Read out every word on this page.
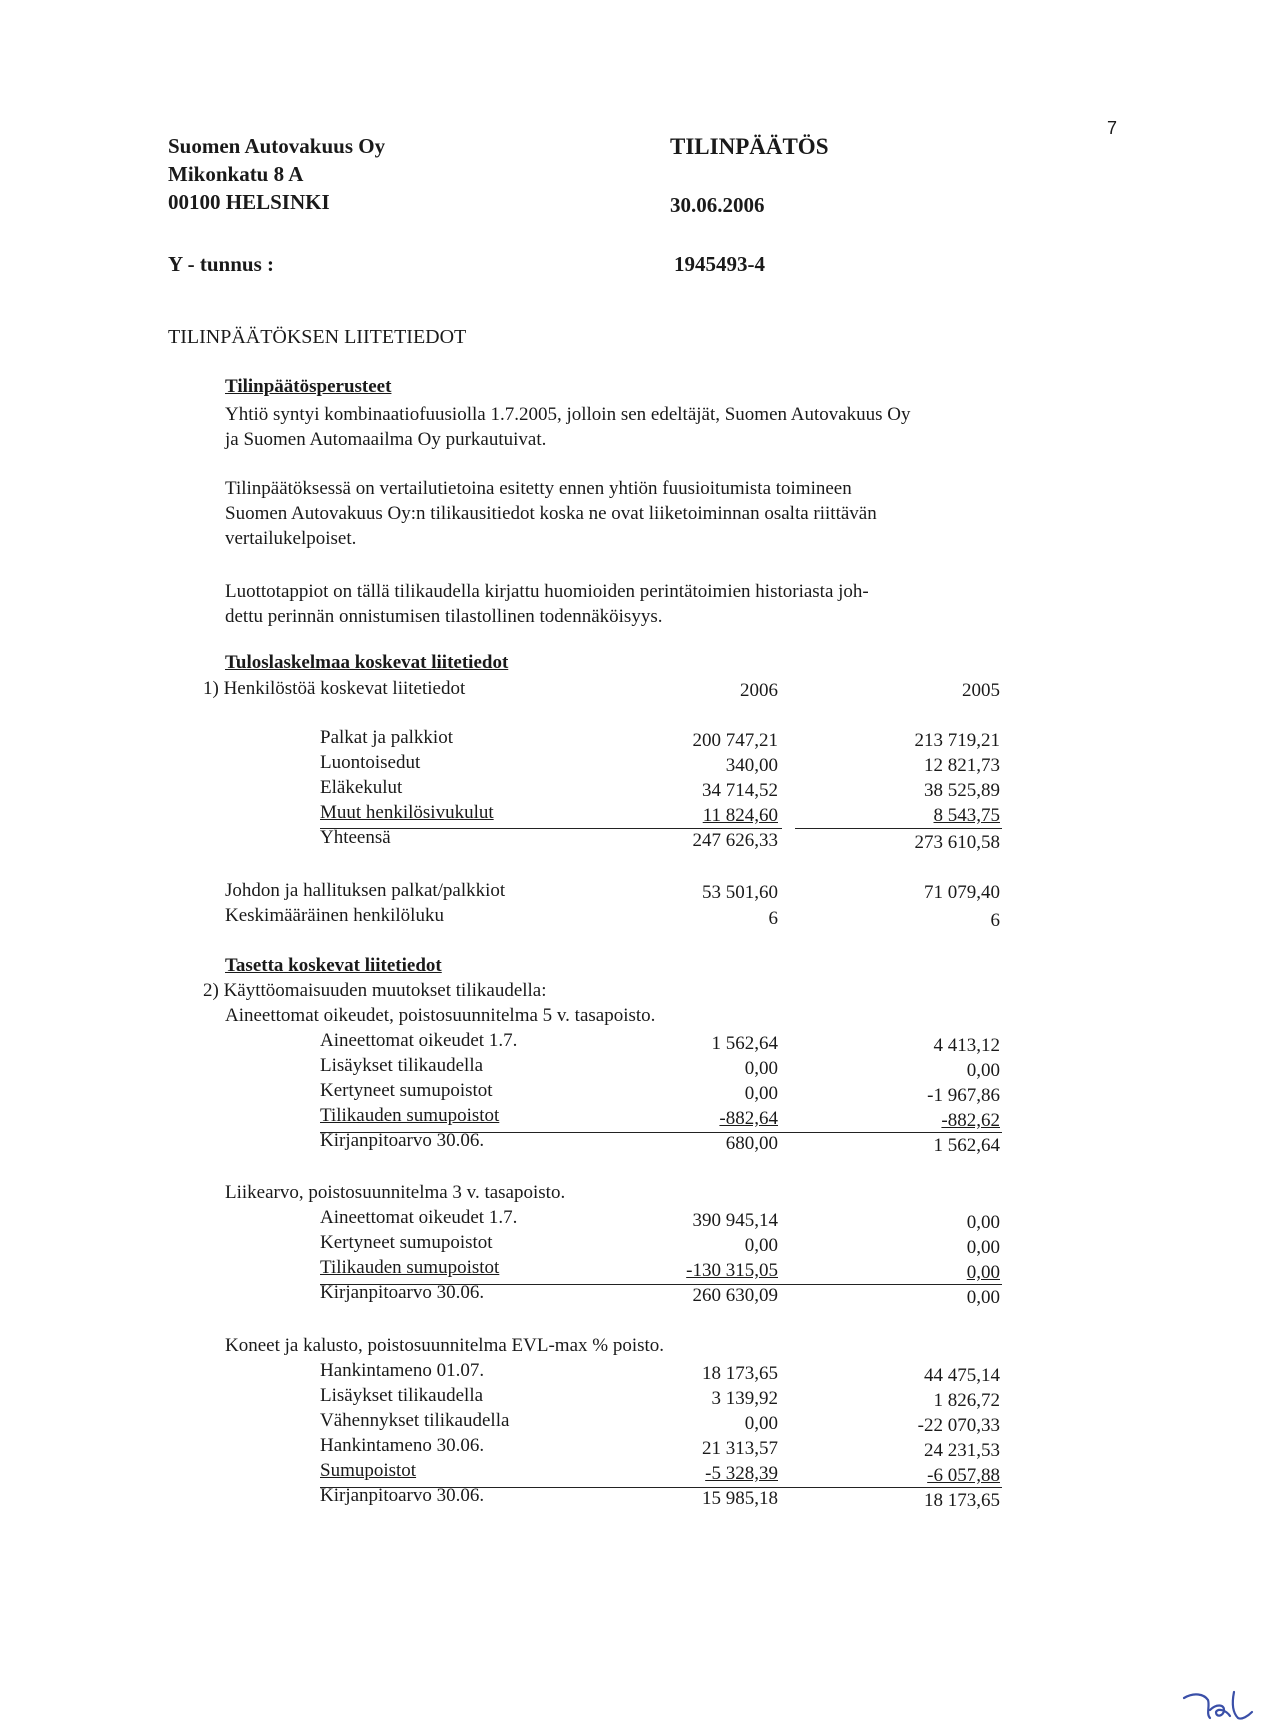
7
Suomen Autovakuus Oy
Mikonkatu 8 A
00100 HELSINKI
Y - tunnus :
TILINPÄÄTÖS
30.06.2006
1945493-4
TILINPÄÄTÖKSEN LIITETIEDOT
Tilinpäätösperusteet
Yhtiö syntyi kombinaatiofuusiolla 1.7.2005, jolloin sen edeltäjät, Suomen Autovakuus Oy
ja Suomen Automaailma Oy purkautuivat.
Tilinpäätöksessä on vertailutietoina esitetty ennen yhtiön fuusioitumista toimineen
Suomen Autovakuus Oy:n tilikausitiedot koska ne ovat liiketoiminnan osalta riittävän
vertailukelpoiset.
Luottotappiot on tällä tilikaudella kirjattu huomioiden perintätoimien historiasta joh-
dettu perinnän onnistumisen tilastollinen todennäköisyys.
Tuloslaskelmaa koskevat liitetiedot
1) Henkilöstöä koskevat liitetiedot	2006	2005
Palkat ja palkkiot	200 747,21	213 719,21
Luontoisedut	340,00	12 821,73
Eläkekulut	34 714,52	38 525,89
Muut henkilösivukulut	11 824,60	8 543,75
Yhteensä	247 626,33	273 610,58
Johdon ja hallituksen palkat/palkkiot	53 501,60	71 079,40
Keskimääräinen henkilöluku	6	6
Tasetta koskevat liitetiedot
2) Käyttöomaisuuden muutokset tilikaudella:
Aineettomat oikeudet, poistosuunnitelma 5 v. tasapoisto.
Aineettomat oikeudet 1.7.	1 562,64	4 413,12
Lisäykset tilikaudella	0,00	0,00
Kertyneet sumupoistot	0,00	-1 967,86
Tilikauden sumupoistot	-882,64	-882,62
Kirjanpitoarvo 30.06.	680,00	1 562,64
Liikearvo, poistosuunnitelma 3 v. tasapoisto.
Aineettomat oikeudet 1.7.	390 945,14	0,00
Kertyneet sumupoistot	0,00	0,00
Tilikauden sumupoistot	-130 315,05	0,00
Kirjanpitoarvo 30.06.	260 630,09	0,00
Koneet ja kalusto, poistosuunnitelma EVL-max % poisto.
Hankintameno 01.07.	18 173,65	44 475,14
Lisäykset tilikaudella	3 139,92	1 826,72
Vähennykset tilikaudella	0,00	-22 070,33
Hankintameno 30.06.	21 313,57	24 231,53
Sumupoistot	-5 328,39	-6 057,88
Kirjanpitoarvo 30.06.	15 985,18	18 173,65
